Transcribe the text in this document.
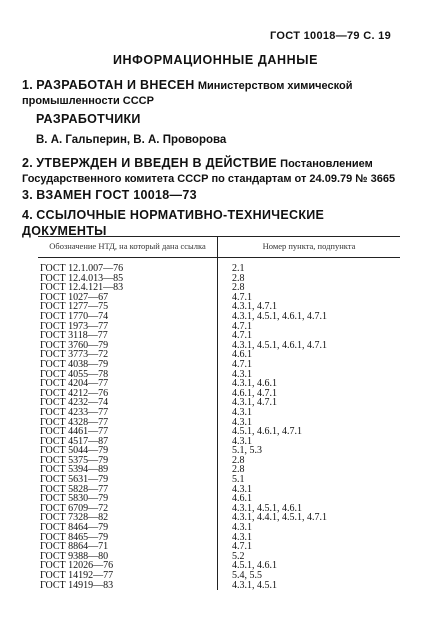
ГОСТ 10018—79 С. 19
ИНФОРМАЦИОННЫЕ ДАННЫЕ
1. РАЗРАБОТАН И ВНЕСЕН Министерством химической промышленности СССР
РАЗРАБОТЧИКИ
В. А. Гальперин, В. А. Проворова
2. УТВЕРЖДЕН И ВВЕДЕН В ДЕЙСТВИЕ Постановлением Государственного комитета СССР по стандартам от 24.09.79 № 3665
3. ВЗАМЕН ГОСТ 10018—73
4. ССЫЛОЧНЫЕ НОРМАТИВНО-ТЕХНИЧЕСКИЕ ДОКУМЕНТЫ
Обозначение НТД, на который дана ссылка	Номер пункта, подпункта
ГОСТ 12.1.007—76	2.1
ГОСТ 12.4.013—85	2.8
ГОСТ 12.4.121—83	2.8
ГОСТ 1027—67	4.7.1
ГОСТ 1277—75	4.3.1, 4.7.1
ГОСТ 1770—74	4.3.1, 4.5.1, 4.6.1, 4.7.1
ГОСТ 1973—77	4.7.1
ГОСТ 3118—77	4.7.1
ГОСТ 3760—79	4.3.1, 4.5.1, 4.6.1, 4.7.1
ГОСТ 3773—72	4.6.1
ГОСТ 4038—79	4.7.1
ГОСТ 4055—78	4.3.1
ГОСТ 4204—77	4.3.1, 4.6.1
ГОСТ 4212—76	4.6.1, 4.7.1
ГОСТ 4232—74	4.3.1, 4.7.1
ГОСТ 4233—77	4.3.1
ГОСТ 4328—77	4.3.1
ГОСТ 4461—77	4.5.1, 4.6.1, 4.7.1
ГОСТ 4517—87	4.3.1
ГОСТ 5044—79	5.1, 5.3
ГОСТ 5375—79	2.8
ГОСТ 5394—89	2.8
ГОСТ 5631—79	5.1
ГОСТ 5828—77	4.3.1
ГОСТ 5830—79	4.6.1
ГОСТ 6709—72	4.3.1, 4.5.1, 4.6.1
ГОСТ 7328—82	4.3.1, 4.4.1, 4.5.1, 4.7.1
ГОСТ 8464—79	4.3.1
ГОСТ 8465—79	4.3.1
ГОСТ 8864—71	4.7.1
ГОСТ 9388—80	5.2
ГОСТ 12026—76	4.5.1, 4.6.1
ГОСТ 14192—77	5.4, 5.5
ГОСТ 14919—83	4.3.1, 4.5.1
